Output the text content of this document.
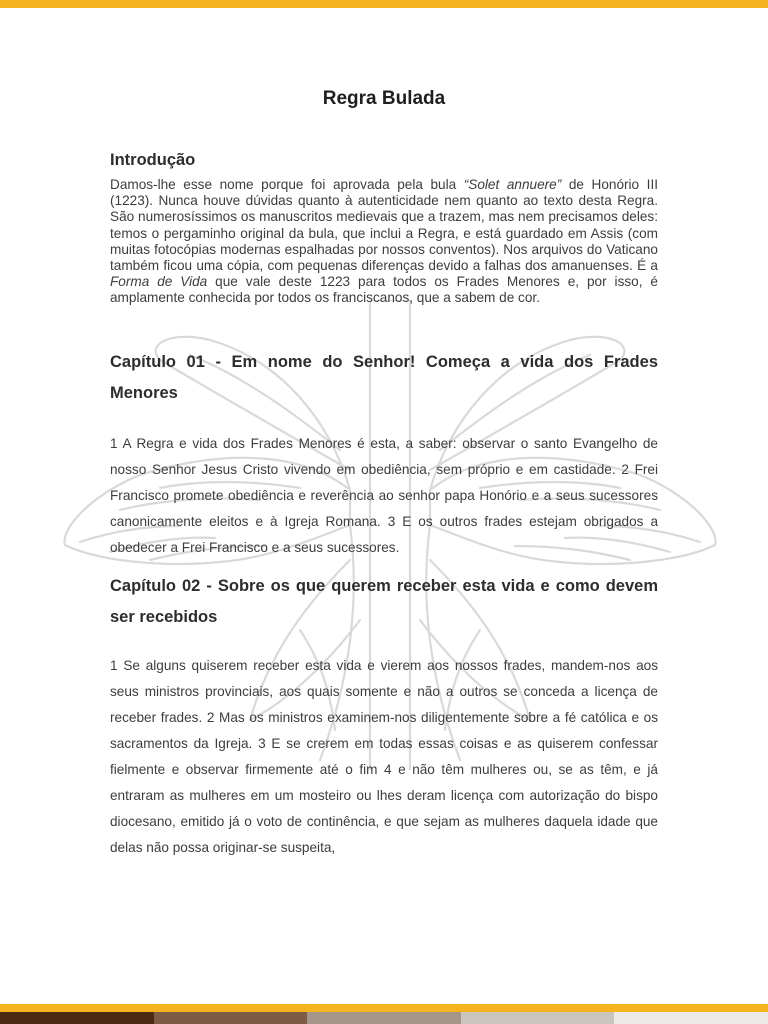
Regra Bulada
Introdução

Damos-lhe esse nome porque foi aprovada pela bula “Solet annuere” de Honório III (1223). Nunca houve dúvidas quanto à autenticidade nem quanto ao texto desta Regra. São numerosíssimos os manuscritos medievais que a trazem, mas nem precisamos deles: temos o pergaminho original da bula, que inclui a Regra, e está guardado em Assis (com muitas fotocópias modernas espalhadas por nossos conventos). Nos arquivos do Vaticano também ficou uma cópia, com pequenas diferenças devido a falhas dos amanuenses. É a Forma de Vida que vale deste 1223 para todos os Frades Menores e, por isso, é amplamente conhecida por todos os franciscanos, que a sabem de cor.

Capítulo 01 - Em nome do Senhor! Começa a vida dos Frades Menores

1 A Regra e vida dos Frades Menores é esta, a saber: observar o santo Evangelho de nosso Senhor Jesus Cristo vivendo em obediência, sem próprio e em castidade. 2 Frei Francisco promete obediência e reverência ao senhor papa Honório e a seus sucessores canonicamente eleitos e à Igreja Romana. 3 E os outros frades estejam obrigados a obedecer a Frei Francisco e a seus sucessores.

Capítulo 02 - Sobre os que querem receber esta vida e como devem ser recebidos

1 Se alguns quiserem receber esta vida e vierem aos nossos frades, mandem-nos aos seus ministros provinciais, aos quais somente e não a outros se conceda a licença de receber frades. 2 Mas os ministros examinem-nos diligentemente sobre a fé católica e os sacramentos da Igreja. 3 E se crerem em todas essas coisas e as quiserem confessar fielmente e observar firmemente até o fim 4 e não têm mulheres ou, se as têm, e já entraram as mulheres em um mosteiro ou lhes deram licença com autorização do bispo diocesano, emitido já o voto de continência, e que sejam as mulheres daquela idade que delas não possa originar-se suspeita,
